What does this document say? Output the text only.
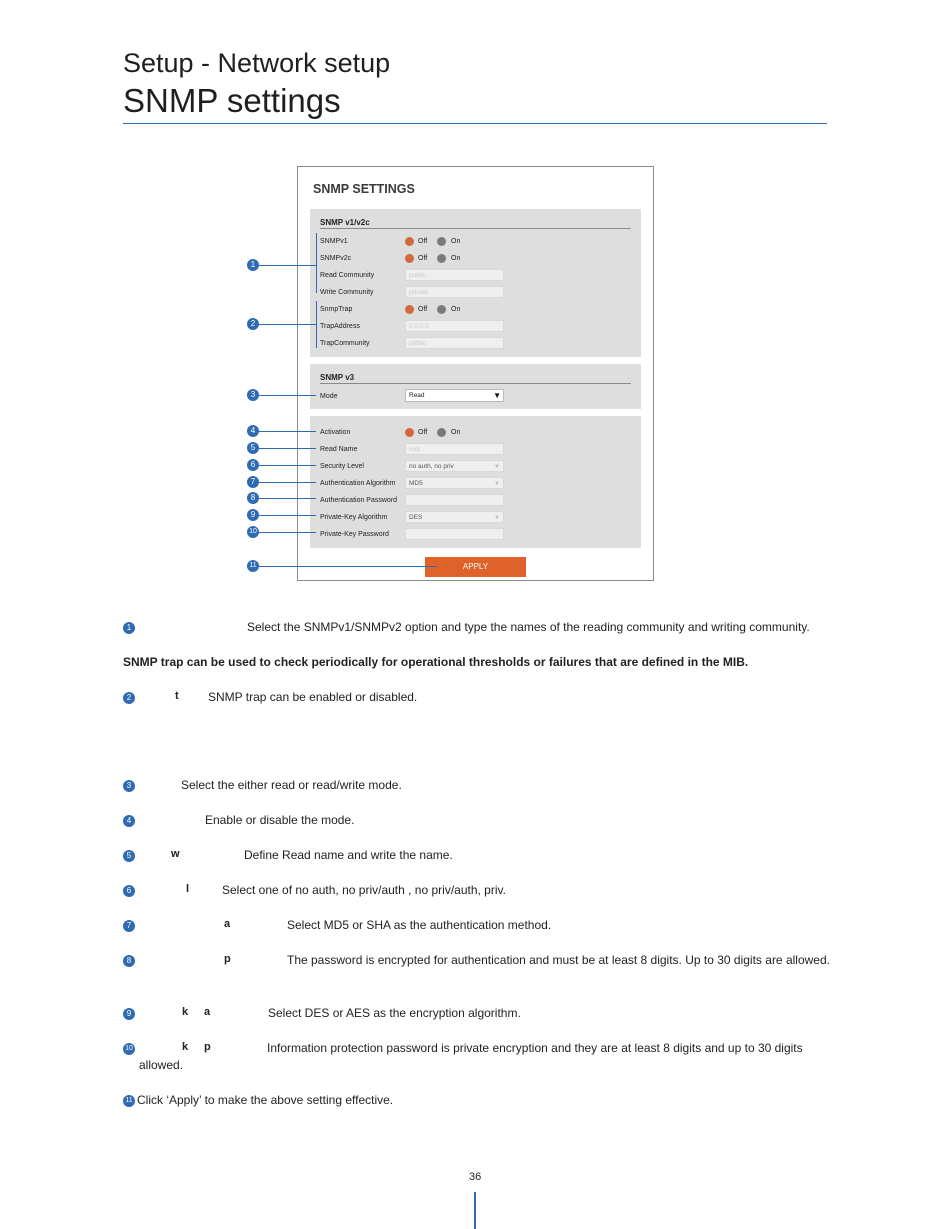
Setup - Network setup
SNMP settings
SNMP SETTINGS
SNMP v1/v2c
SNMPv1	Off	On
SNMPv2c	Off	On
Read Community	public
Write Community	private
SnmpTrap	Off	On
TrapAddress	0.0.0.0
TrapCommunity	public
SNMP v3
Mode	Read	▼
Activation	Off	On
Read Name	root
Security Level	no auth, no priv	▼
Authentication Algorithm	MD5	▼
Authentication Password
Private-Key Algorithm	DES	▼
Private-Key Password
APPLY
1
2
3
4
5
6
7
8
9
10
11
1	Select the SNMPv1/SNMPv2 option and type the names of the reading community and writing community.
SNMP trap can be used to check periodically for operational thresholds or failures that are defined in the MIB.
2	t SNMP trap can be enabled or disabled.
3	Select the either read or read/write mode.
4	Enable or disable the mode.
5	w	Define Read name and write the name.
6	l	Select one of no auth, no priv/auth , no priv/auth, priv.
7	a	Select MD5 or SHA as the authentication method.
8	p	The password is encrypted for authentication and must be at least 8 digits. Up to 30 digits are allowed.
9	k a	Select DES or AES as the encryption algorithm.
10	k p	Information protection password is private encryption and they are at least 8 digits and up to 30 digits
allowed.
11 Click ‘Apply’ to make the above setting effective.
36
